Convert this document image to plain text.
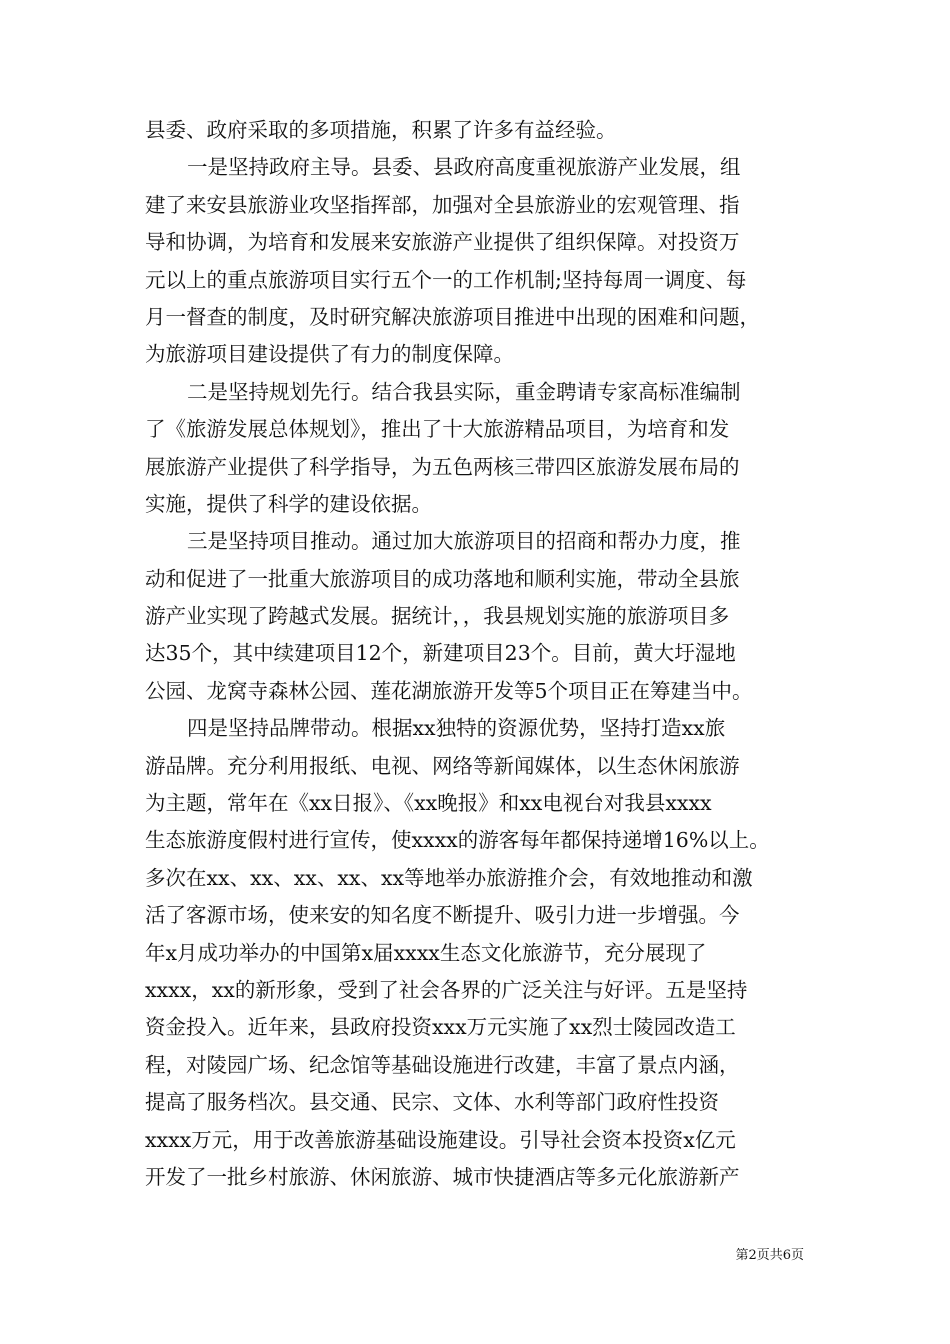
县委、政府采取的多项措施，积累了许多有益经验。
一是坚持政府主导。县委、县政府高度重视旅游产业发展，组
建了来安县旅游业攻坚指挥部，加强对全县旅游业的宏观管理、指
导和协调，为培育和发展来安旅游产业提供了组织保障。对投资万
元以上的重点旅游项目实行五个一的工作机制;坚持每周一调度、每
月一督查的制度，及时研究解决旅游项目推进中出现的困难和问题，
为旅游项目建设提供了有力的制度保障。
二是坚持规划先行。结合我县实际，重金聘请专家高标准编制
了《旅游发展总体规划》，推出了十大旅游精品项目，为培育和发
展旅游产业提供了科学指导，为五色两核三带四区旅游发展布局的
实施，提供了科学的建设依据。
三是坚持项目推动。通过加大旅游项目的招商和帮办力度，推
动和促进了一批重大旅游项目的成功落地和顺利实施，带动全县旅
游产业实现了跨越式发展。据统计，，我县规划实施的旅游项目多
达35个，其中续建项目12个，新建项目23个。目前，黄大圩湿地
公园、龙窝寺森林公园、莲花湖旅游开发等5个项目正在筹建当中。
四是坚持品牌带动。根据xx独特的资源优势，坚持打造xx旅
游品牌。充分利用报纸、电视、网络等新闻媒体，以生态休闲旅游
为主题，常年在《xx日报》、《xx晚报》和xx电视台对我县xxxx
生态旅游度假村进行宣传，使xxxx的游客每年都保持递增16%以上。
多次在xx、xx、xx、xx、xx等地举办旅游推介会，有效地推动和激
活了客源市场，使来安的知名度不断提升、吸引力进一步增强。今
年x月成功举办的中国第x届xxxx生态文化旅游节，充分展现了
xxxx，xx的新形象，受到了社会各界的广泛关注与好评。五是坚持
资金投入。近年来，县政府投资xxx万元实施了xx烈士陵园改造工
程，对陵园广场、纪念馆等基础设施进行改建，丰富了景点内涵，
提高了服务档次。县交通、民宗、文体、水利等部门政府性投资
xxxx万元，用于改善旅游基础设施建设。引导社会资本投资x亿元
开发了一批乡村旅游、休闲旅游、城市快捷酒店等多元化旅游新产
第2页共6页
